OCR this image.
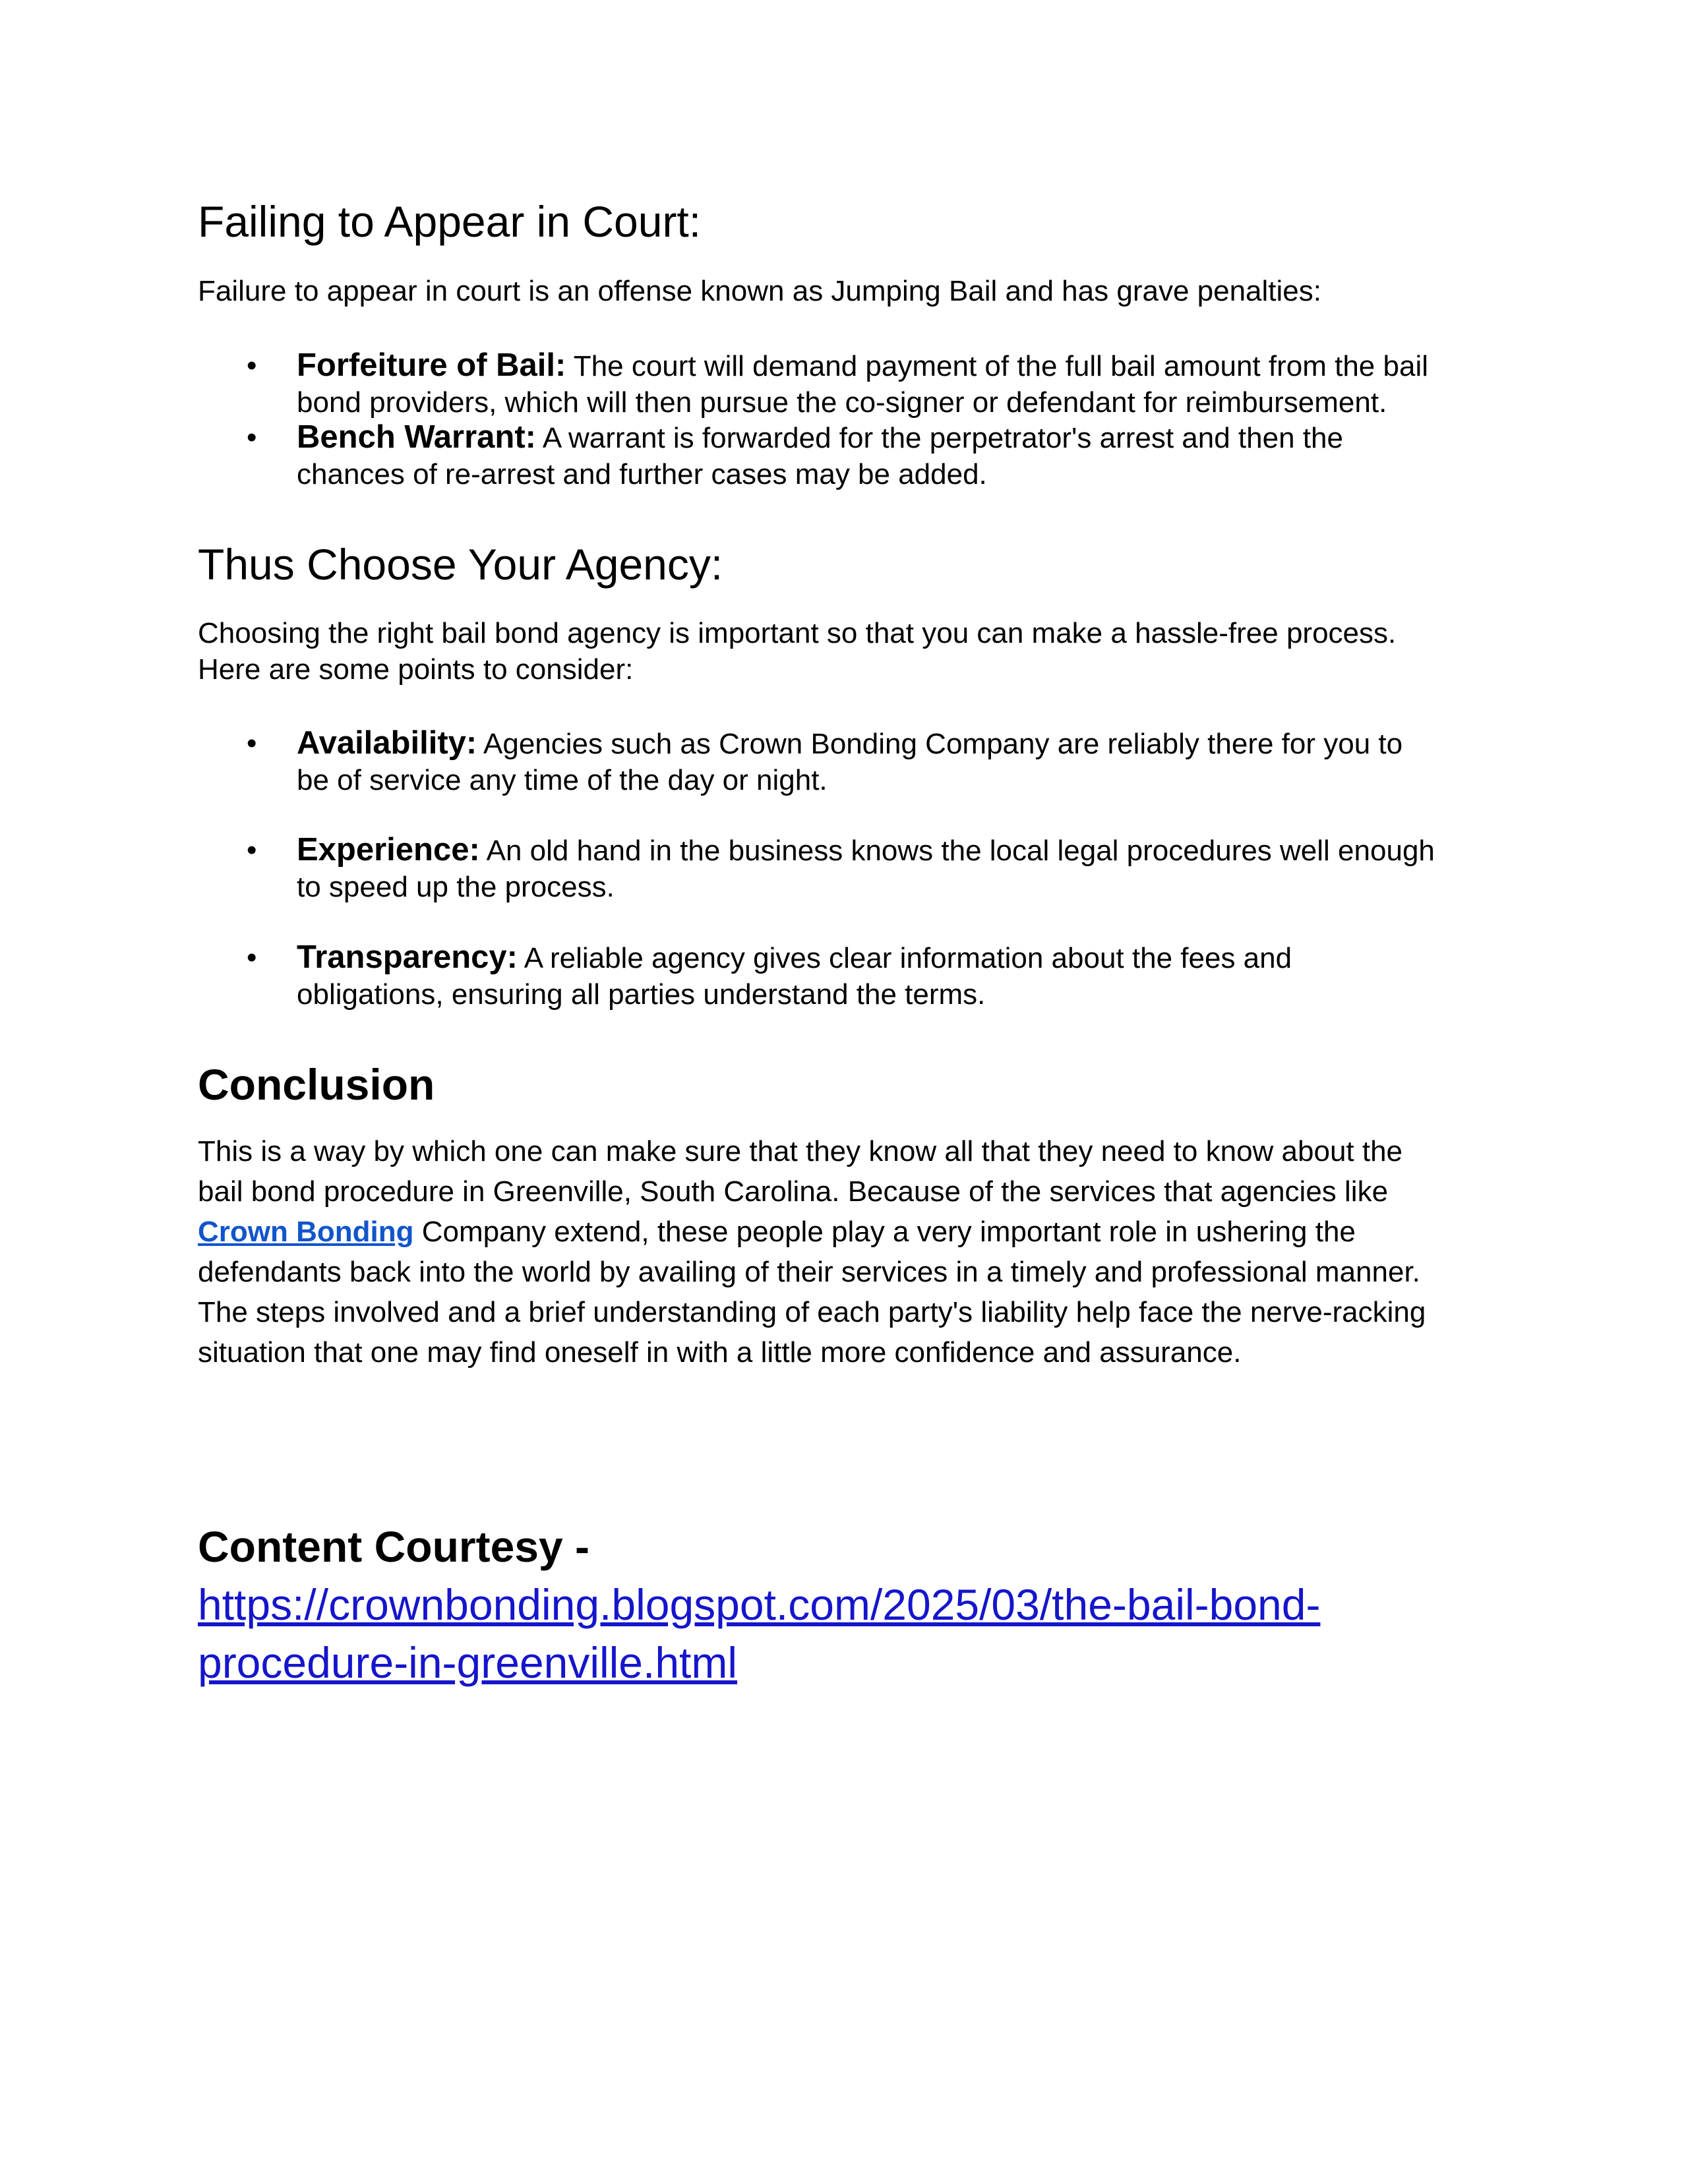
Failing to Appear in Court:

Failure to appear in court is an offense known as Jumping Bail and has grave penalties:

• Forfeiture of Bail: The court will demand payment of the full bail amount from the bail
bond providers, which will then pursue the co-signer or defendant for reimbursement.
• Bench Warrant: A warrant is forwarded for the perpetrator's arrest and then the
chances of re-arrest and further cases may be added.
Thus Choose Your Agency:
Choosing the right bail bond agency is important so that you can make a hassle-free process.
Here are some points to consider:
• Availability: Agencies such as Crown Bonding Company are reliably there for you to
be of service any time of the day or night.
• Experience: An old hand in the business knows the local legal procedures well enough
to speed up the process.
• Transparency: A reliable agency gives clear information about the fees and
obligations, ensuring all parties understand the terms.
Conclusion
This is a way by which one can make sure that they know all that they need to know about the
bail bond procedure in Greenville, South Carolina. Because of the services that agencies like
Crown Bonding Company extend, these people play a very important role in ushering the
defendants back into the world by availing of their services in a timely and professional manner.
The steps involved and a brief understanding of each party's liability help face the nerve-racking
situation that one may find oneself in with a little more confidence and assurance.
Content Courtesy -
https://crownbonding.blogspot.com/2025/03/the-bail-bond-
procedure-in-greenville.html
